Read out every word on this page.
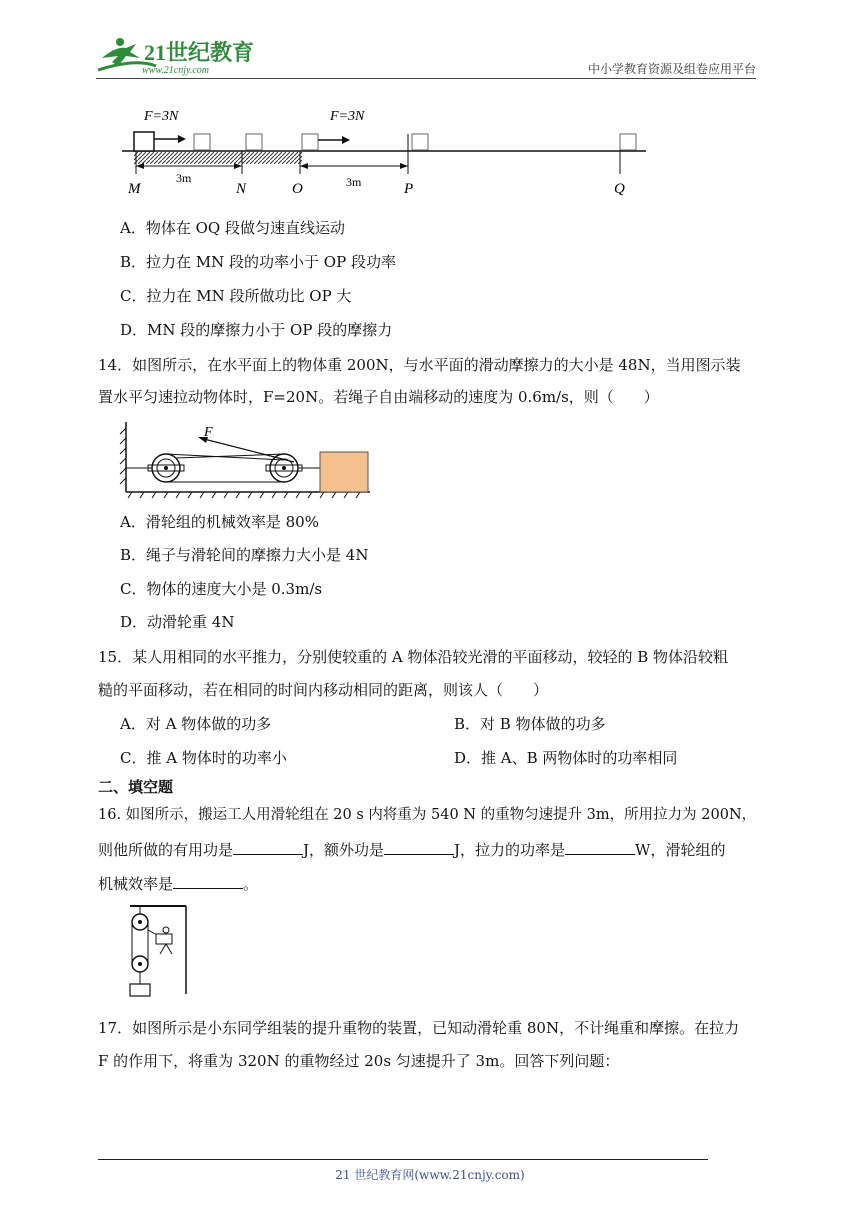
21世纪教育
www.21cnjy.com	中小学教育资源及组卷应用平台
F=3N	F=3N
3m	3m
M	N	O	P	Q
A．物体在 OQ 段做匀速直线运动
B．拉力在 MN 段的功率小于 OP 段功率
C．拉力在 MN 段所做功比 OP 大
D．MN 段的摩擦力小于 OP 段的摩擦力
14．如图所示，在水平面上的物体重 200N，与水平面的滑动摩擦力的大小是 48N，当用图示装
置水平匀速拉动物体时，F=20N。若绳子自由端移动的速度为 0.6m/s，则（　　）
F
A．滑轮组的机械效率是 80%
B．绳子与滑轮间的摩擦力大小是 4N
C．物体的速度大小是 0.3m/s
D．动滑轮重 4N
15．某人用相同的水平推力，分别使较重的 A 物体沿较光滑的平面移动，较轻的 B 物体沿较粗
糙的平面移动，若在相同的时间内移动相同的距离，则该人（　　）
A．对 A 物体做的功多	B．对 B 物体做的功多
C．推 A 物体时的功率小	D．推 A、B 两物体时的功率相同
二、填空题
16. 如图所示，搬运工人用滑轮组在 20 s 内将重为 540 N 的重物匀速提升 3m，所用拉力为 200N，
则他所做的有用功是	J，额外功是	J，拉力的功率是	W，滑轮组的
机械效率是	。
17．如图所示是小东同学组装的提升重物的装置，已知动滑轮重 80N，不计绳重和摩擦。在拉力
F 的作用下，将重为 320N 的重物经过 20s 匀速提升了 3m。回答下列问题：
21 世纪教育网(www.21cnjy.com)
